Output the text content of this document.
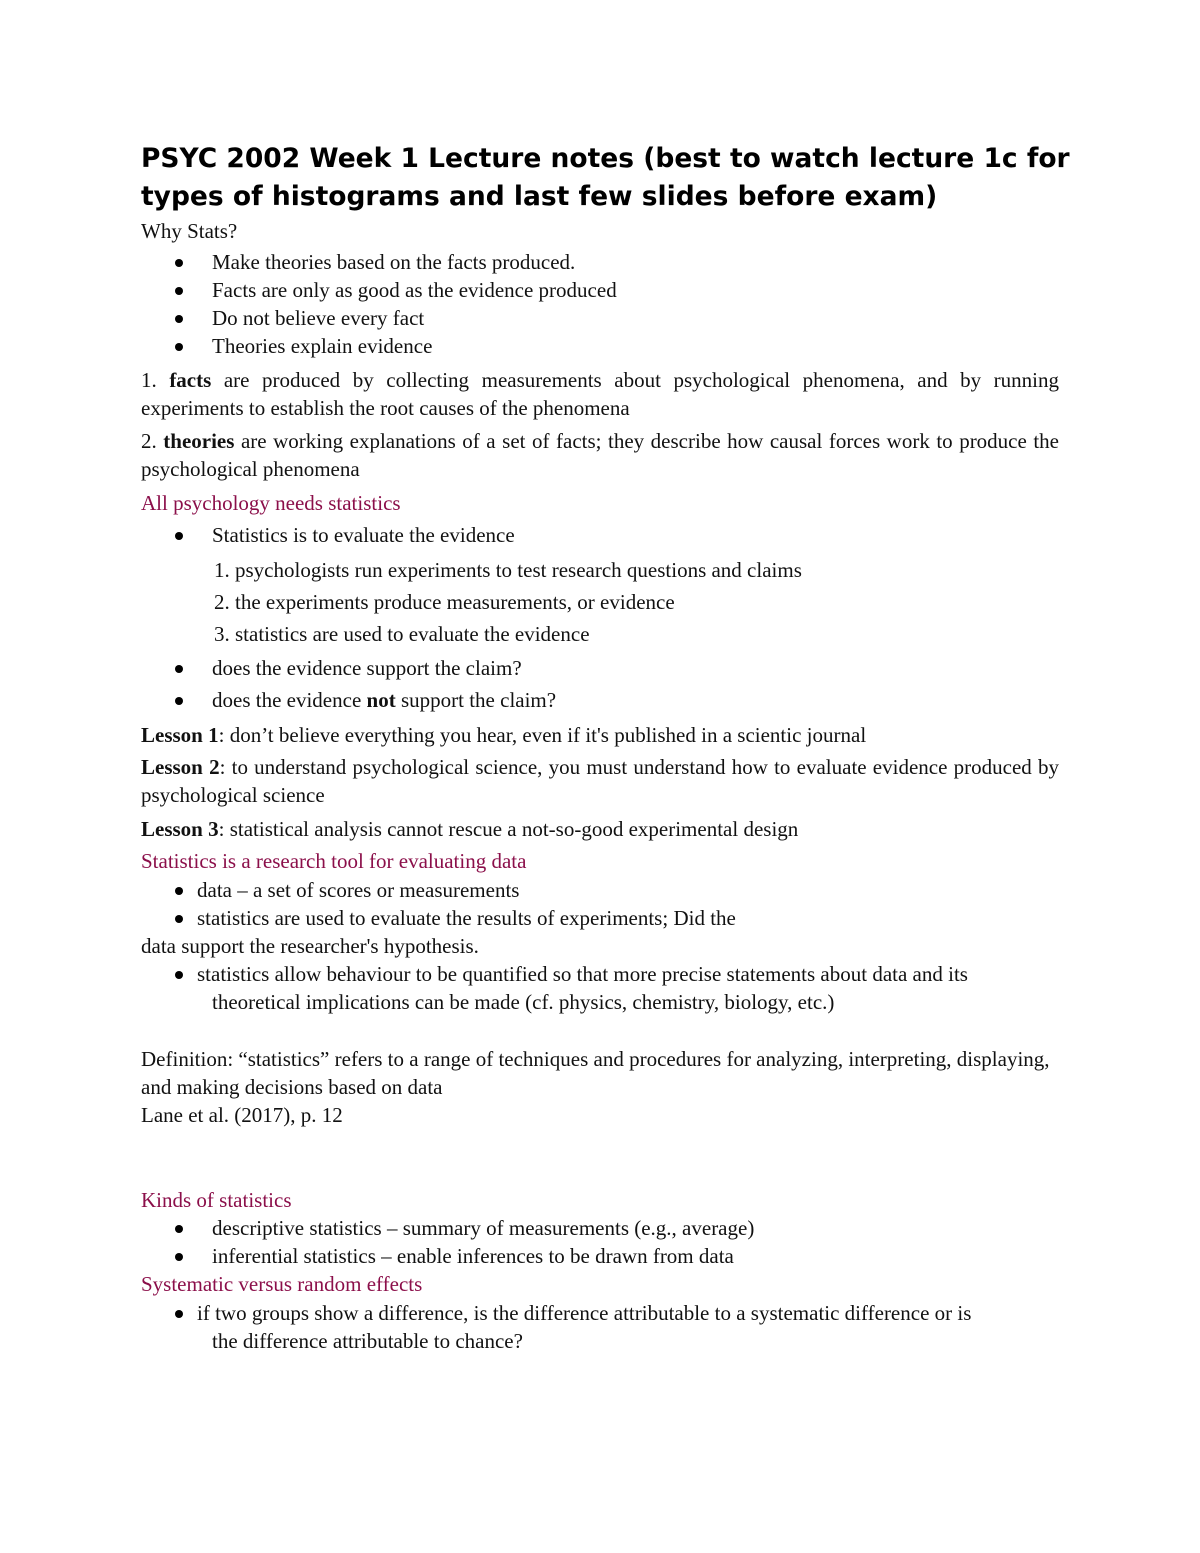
PSYC 2002 Week 1 Lecture notes (best to watch lecture 1c for types of histograms and last few slides before exam)
Why Stats?
Make theories based on the facts produced.
Facts are only as good as the evidence produced
Do not believe every fact
Theories explain evidence
1. facts are produced by collecting measurements about psychological phenomena, and by running experiments to establish the root causes of the phenomena
2. theories are working explanations of a set of facts; they describe how causal forces work to produce the psychological phenomena
All psychology needs statistics
Statistics is to evaluate the evidence
1. psychologists run experiments to test research questions and claims
2. the experiments produce measurements, or evidence
3. statistics are used to evaluate the evidence
does the evidence support the claim?
does the evidence not support the claim?
Lesson 1: don’t believe everything you hear, even if it's published in a scientic journal
Lesson 2: to understand psychological science, you must understand how to evaluate evidence produced by psychological science
Lesson 3: statistical analysis cannot rescue a not-so-good experimental design
Statistics is a research tool for evaluating data
data – a set of scores or measurements
statistics are used to evaluate the results of experiments; Did the
data support the researcher's hypothesis.
statistics allow behaviour to be quantified so that more precise statements about data and its
theoretical implications can be made (cf. physics, chemistry, biology, etc.)
Definition: “statistics” refers to a range of techniques and procedures for analyzing, interpreting, displaying, and making decisions based on data
Lane et al. (2017), p. 12
Kinds of statistics
descriptive statistics – summary of measurements (e.g., average)
inferential statistics – enable inferences to be drawn from data
Systematic versus random effects
if two groups show a difference, is the difference attributable to a systematic difference or is
the difference attributable to chance?
